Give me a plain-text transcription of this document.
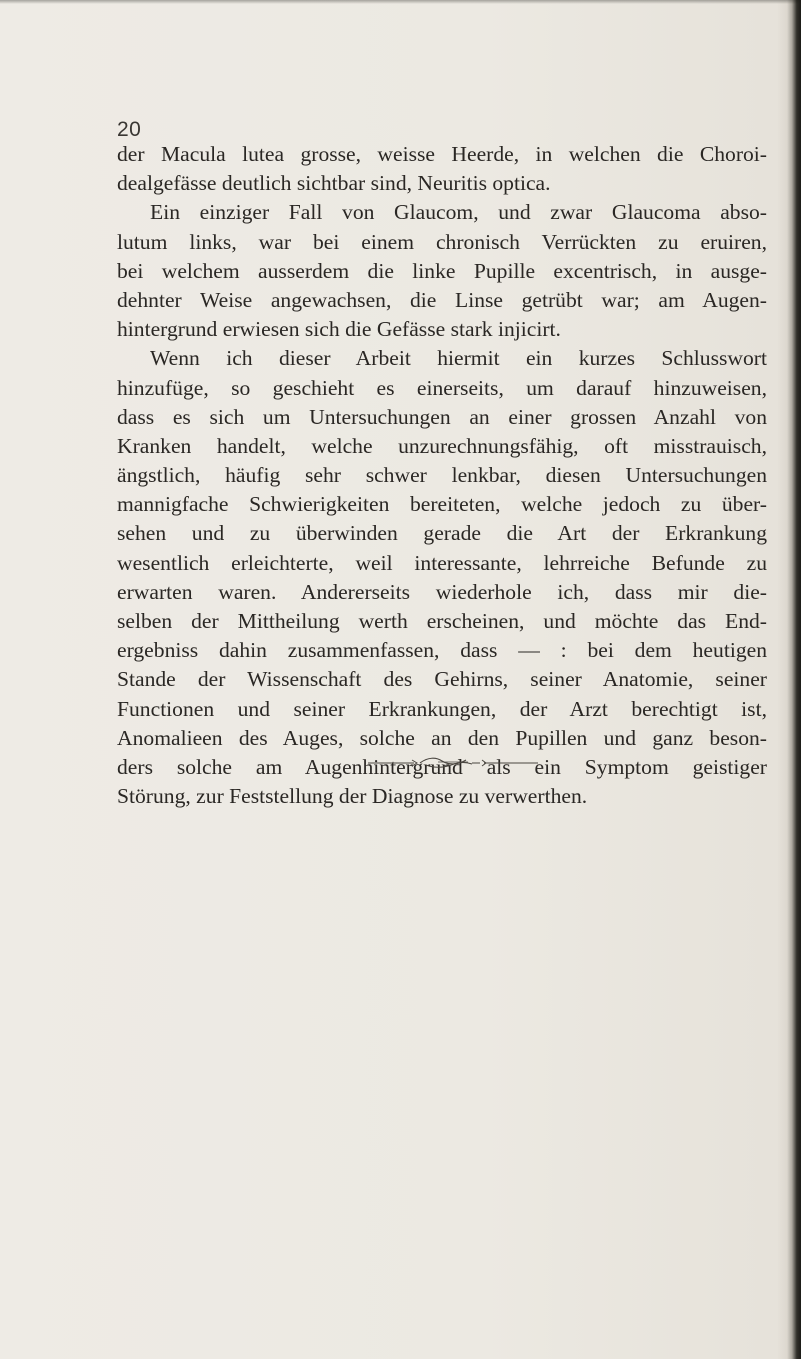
20
der Macula lutea grosse, weisse Heerde, in welchen die Choroi-
dealgefässe deutlich sichtbar sind, Neuritis optica.
Ein einziger Fall von Glaucom, und zwar Glaucoma abso-
lutum links, war bei einem chronisch Verrückten zu eruiren,
bei welchem ausserdem die linke Pupille excentrisch, in ausge-
dehnter Weise angewachsen, die Linse getrübt war; am Augen-
hintergrund erwiesen sich die Gefässe stark injicirt.
Wenn ich dieser Arbeit hiermit ein kurzes Schlusswort
hinzufüge, so geschieht es einerseits, um darauf hinzuweisen,
dass es sich um Untersuchungen an einer grossen Anzahl von
Kranken handelt, welche unzurechnungsfähig, oft misstrauisch,
ängstlich, häufig sehr schwer lenkbar, diesen Untersuchungen
mannigfache Schwierigkeiten bereiteten, welche jedoch zu über-
sehen und zu überwinden gerade die Art der Erkrankung
wesentlich erleichterte, weil interessante, lehrreiche Befunde zu
erwarten waren. Andererseits wiederhole ich, dass mir die-
selben der Mittheilung werth erscheinen, und möchte das End-
ergebniss dahin zusammenfassen, dass — : bei dem heutigen
Stande der Wissenschaft des Gehirns, seiner Anatomie, seiner
Functionen und seiner Erkrankungen, der Arzt berechtigt ist,
Anomalieen des Auges, solche an den Pupillen und ganz beson-
ders solche am Augenhintergrund als ein Symptom geistiger
Störung, zur Feststellung der Diagnose zu verwerthen.
